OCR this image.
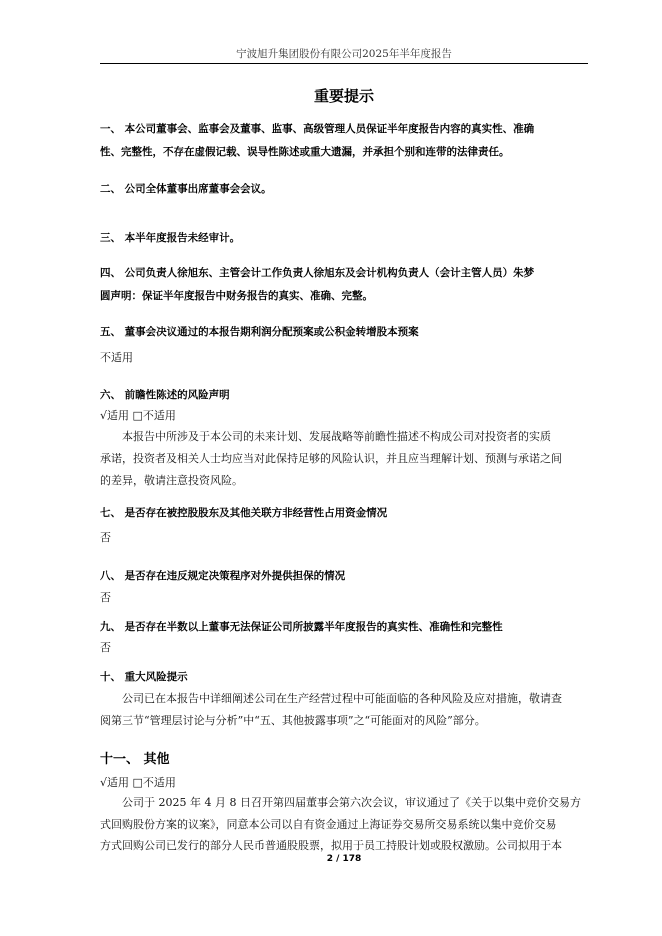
宁波旭升集团股份有限公司2025年半年度报告
重要提示
一、 本公司董事会、监事会及董事、监事、高级管理人员保证半年度报告内容的真实性、准确
性、完整性，不存在虚假记载、误导性陈述或重大遗漏，并承担个别和连带的法律责任。
二、 公司全体董事出席董事会会议。
三、 本半年度报告未经审计。
四、 公司负责人徐旭东、主管会计工作负责人徐旭东及会计机构负责人（会计主管人员）朱梦
圆声明：保证半年度报告中财务报告的真实、准确、完整。
五、 董事会决议通过的本报告期利润分配预案或公积金转增股本预案
不适用
六、 前瞻性陈述的风险声明
√适用 □不适用
本报告中所涉及于本公司的未来计划、发展战略等前瞻性描述不构成公司对投资者的实质
承诺，投资者及相关人士均应当对此保持足够的风险认识，并且应当理解计划、预测与承诺之间
的差异，敬请注意投资风险。
七、 是否存在被控股股东及其他关联方非经营性占用资金情况
否
八、 是否存在违反规定决策程序对外提供担保的情况
否
九、 是否存在半数以上董事无法保证公司所披露半年度报告的真实性、准确性和完整性
否
十、 重大风险提示
公司已在本报告中详细阐述公司在生产经营过程中可能面临的各种风险及应对措施，敬请查
阅第三节“管理层讨论与分析”中“五、其他披露事项”之“可能面对的风险”部分。
十一、 其他
√适用 □不适用
公司于 2025 年 4 月 8 日召开第四届董事会第六次会议，审议通过了《关于以集中竞价交易方
式回购股份方案的议案》，同意本公司以自有资金通过上海证券交易所交易系统以集中竞价交易
方式回购公司已发行的部分人民币普通股股票，拟用于员工持股计划或股权激励。公司拟用于本
2 / 178
